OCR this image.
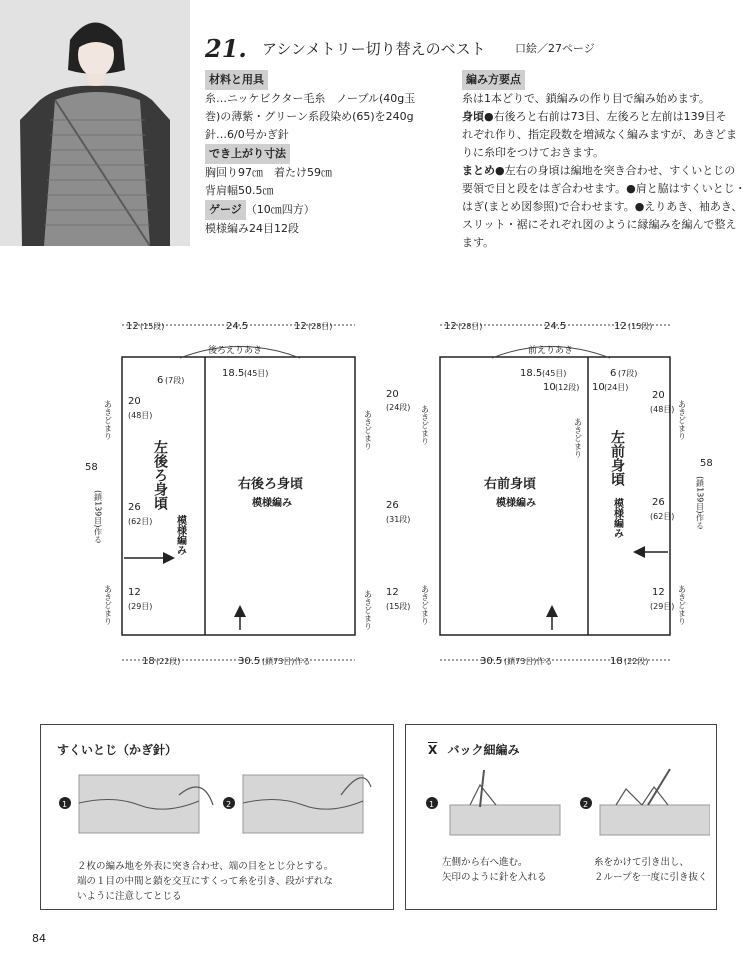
21. アシンメトリー切り替えのベスト	口絵／27ページ
材料と用具

糸…ニッケビクター毛糸　ノーブル(40g玉

巻)の薄紫・グリーン系段染め(65)を240g

針…6/0号かぎ針

でき上がり寸法

胸回り97㎝　着たけ59㎝

背肩幅50.5㎝

ゲージ （10㎝四方）

模様編み24目12段

編み方要点

糸は1本どりで、鎖編みの作り目で編み始めます。

身頃●右後ろと右前は73目、左後ろと左前は139目そ

れぞれ作り、指定段数を増減なく編みますが、あきどま

りに糸印をつけておきます。

まとめ●左右の身頃は編地を突き合わせ、すくいとじの

要領で目と段をはぎ合わせます。●肩と脇はすくいとじ・

はぎ(まとめ図参照)で合わせます。●えりあき、袖あき、

スリット・裾にそれぞれ図のように縁編みを編んで整え

ます。

12 (15段)	24.5	12 (28目)
後ろえりあき
18.5 (45目)
6 (7段)
20
(48目)
26
(62目)
12
(29目)
58
(鎖139目)作る
あきどまり
あきどまり
あきどまり
あきどまり
20
(24段)
26
(31段)
12
(15段)
18 (22段)	30.5 (鎖73目)作る
左後ろ身頃
模様編み
右後ろ身頃
模様編み
12 (28目)	24.5	12 (15段)
前えりあき
18.5 (45目)	6 (7段)
10 (12段) 10 (24目)
20
(48目)
26
(62目)
12
(29目)
58
(鎖139目)作る
あきどまり
あきどまり
あきどまり	あきどまり
あきどまり
30.5 (鎖73目)作る	18 (22段)
右前身頃
模様編み
左前身頃
模様編み
すくいとじ（かぎ針）
1	2
２枚の編み地を外表に突き合わせ、端の目をとじ分とする。
端の１目の中間と鎖を交互にすくって糸を引き、段がずれな
いように注意してとじる
$\overline{X}$ バック細編み
1	2
左側から右へ進む。
矢印のように針を入れる
糸をかけて引き出し、
２ループを一度に引き抜く
84
